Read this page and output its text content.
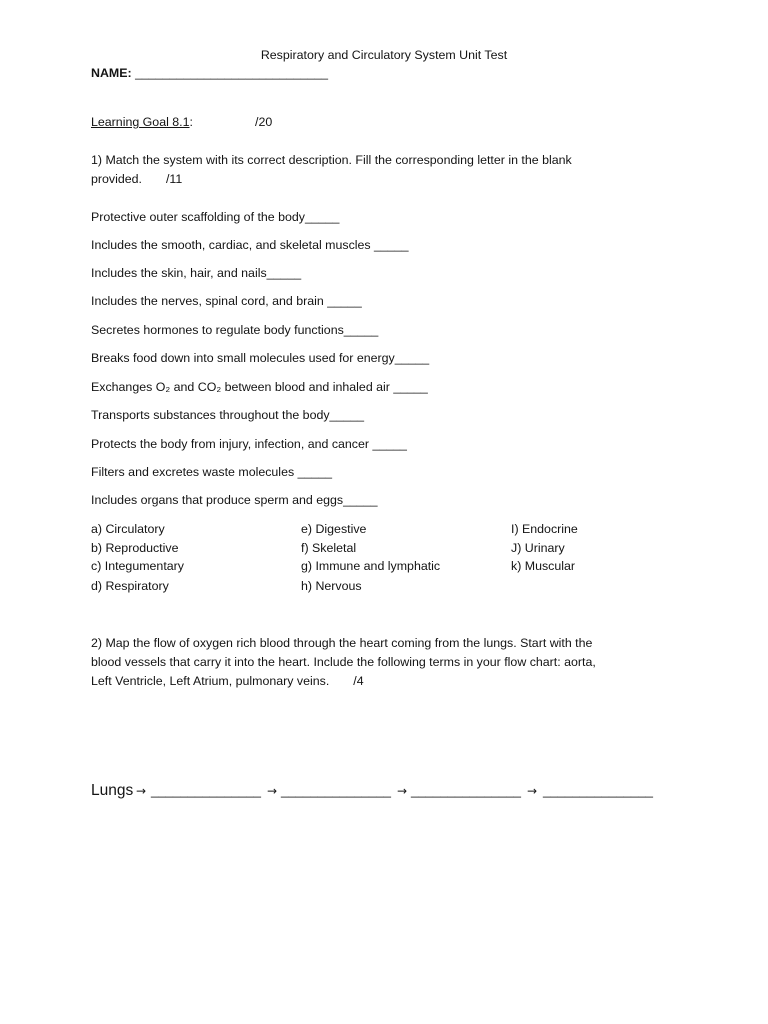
Respiratory and Circulatory System Unit Test
NAME: ____________________________
Learning Goal 8.1:	/20
1) Match the system with its correct description. Fill the corresponding letter in the blank
provided. /11
Protective outer scaffolding of the body_____
Includes the smooth, cardiac, and skeletal muscles _____
Includes the skin, hair, and nails_____
Includes the nerves, spinal cord, and brain _____
Secretes hormones to regulate body functions_____
Breaks food down into small molecules used for energy_____
Exchanges O₂ and CO₂ between blood and inhaled air _____
Transports substances throughout the body_____
Protects the body from injury, infection, and cancer _____
Filters and excretes waste molecules _____
Includes organs that produce sperm and eggs_____
a) Circulatory
b) Reproductive
c) Integumentary
d) Respiratory
e) Digestive
f) Skeletal
g) Immune and lymphatic
h) Nervous
I) Endocrine
J) Urinary
k) Muscular
2) Map the flow of oxygen rich blood through the heart coming from the lungs. Start with the
blood vessels that carry it into the heart. Include the following terms in your flow chart: aorta,
Left Ventricle, Left Atrium, pulmonary veins. /4
Lungs → _______________ → _______________ → _______________ → _______________
